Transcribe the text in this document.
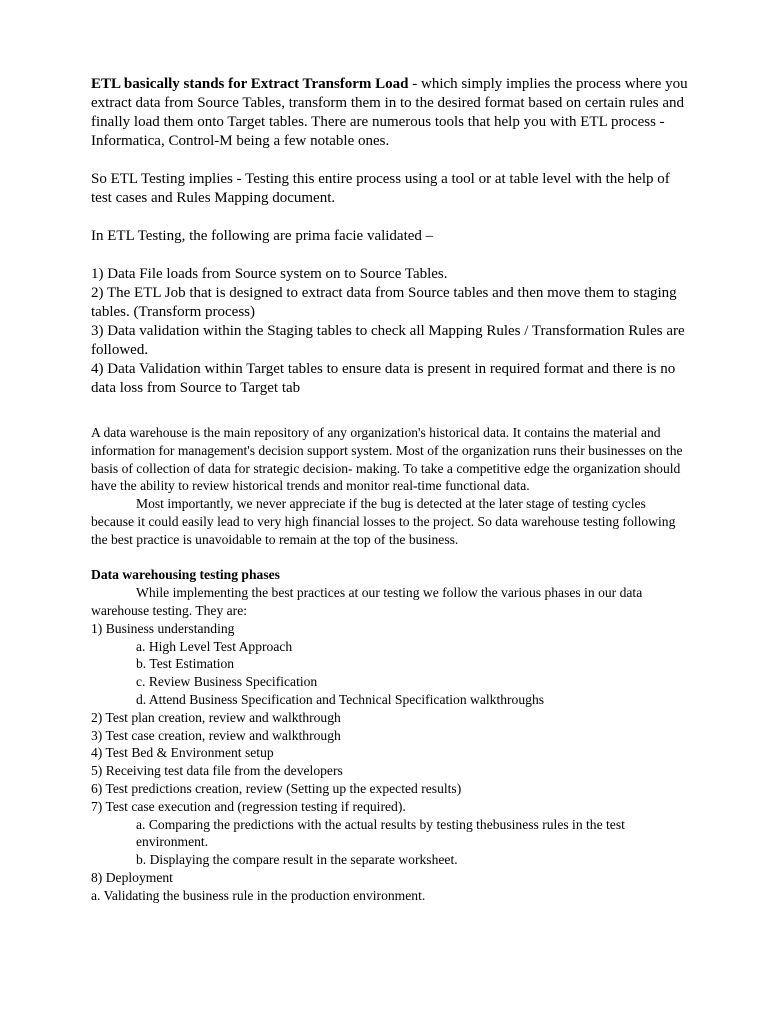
ETL basically stands for Extract Transform Load - which simply implies the process where you extract data from Source Tables, transform them in to the desired format based on certain rules and finally load them onto Target tables. There are numerous tools that help you with ETL process - Informatica, Control-M being a few notable ones.

So ETL Testing implies - Testing this entire process using a tool or at table level with the help of test cases and Rules Mapping document.

In ETL Testing, the following are prima facie validated –

1) Data File loads from Source system on to Source Tables.

2) The ETL Job that is designed to extract data from Source tables and then move them to staging tables. (Transform process)

3) Data validation within the Staging tables to check all Mapping Rules / Transformation Rules are followed.

4) Data Validation within Target tables to ensure data is present in required format and there is no data loss from Source to Target tab

A data warehouse is the main repository of any organization's historical data. It contains the material and information for management's decision support system. Most of the organization runs their businesses on the basis of collection of data for strategic decision- making. To take a competitive edge the organization should have the ability to review historical trends and monitor real-time functional data.

Most importantly, we never appreciate if the bug is detected at the later stage of testing cycles because it could easily lead to very high financial losses to the project. So data warehouse testing following the best practice is unavoidable to remain at the top of the business.

Data warehousing testing phases

While implementing the best practices at our testing we follow the various phases in our data warehouse testing. They are:

1) Business understanding

a. High Level Test Approach

b. Test Estimation

c. Review Business Specification

d. Attend Business Specification and Technical Specification walkthroughs

2) Test plan creation, review and walkthrough

3) Test case creation, review and walkthrough

4) Test Bed & Environment setup

5) Receiving test data file from the developers

6) Test predictions creation, review (Setting up the expected results)

7) Test case execution and (regression testing if required).

a. Comparing the predictions with the actual results by testing thebusiness rules in the test environment.

b. Displaying the compare result in the separate worksheet.

8) Deployment

a. Validating the business rule in the production environment.
